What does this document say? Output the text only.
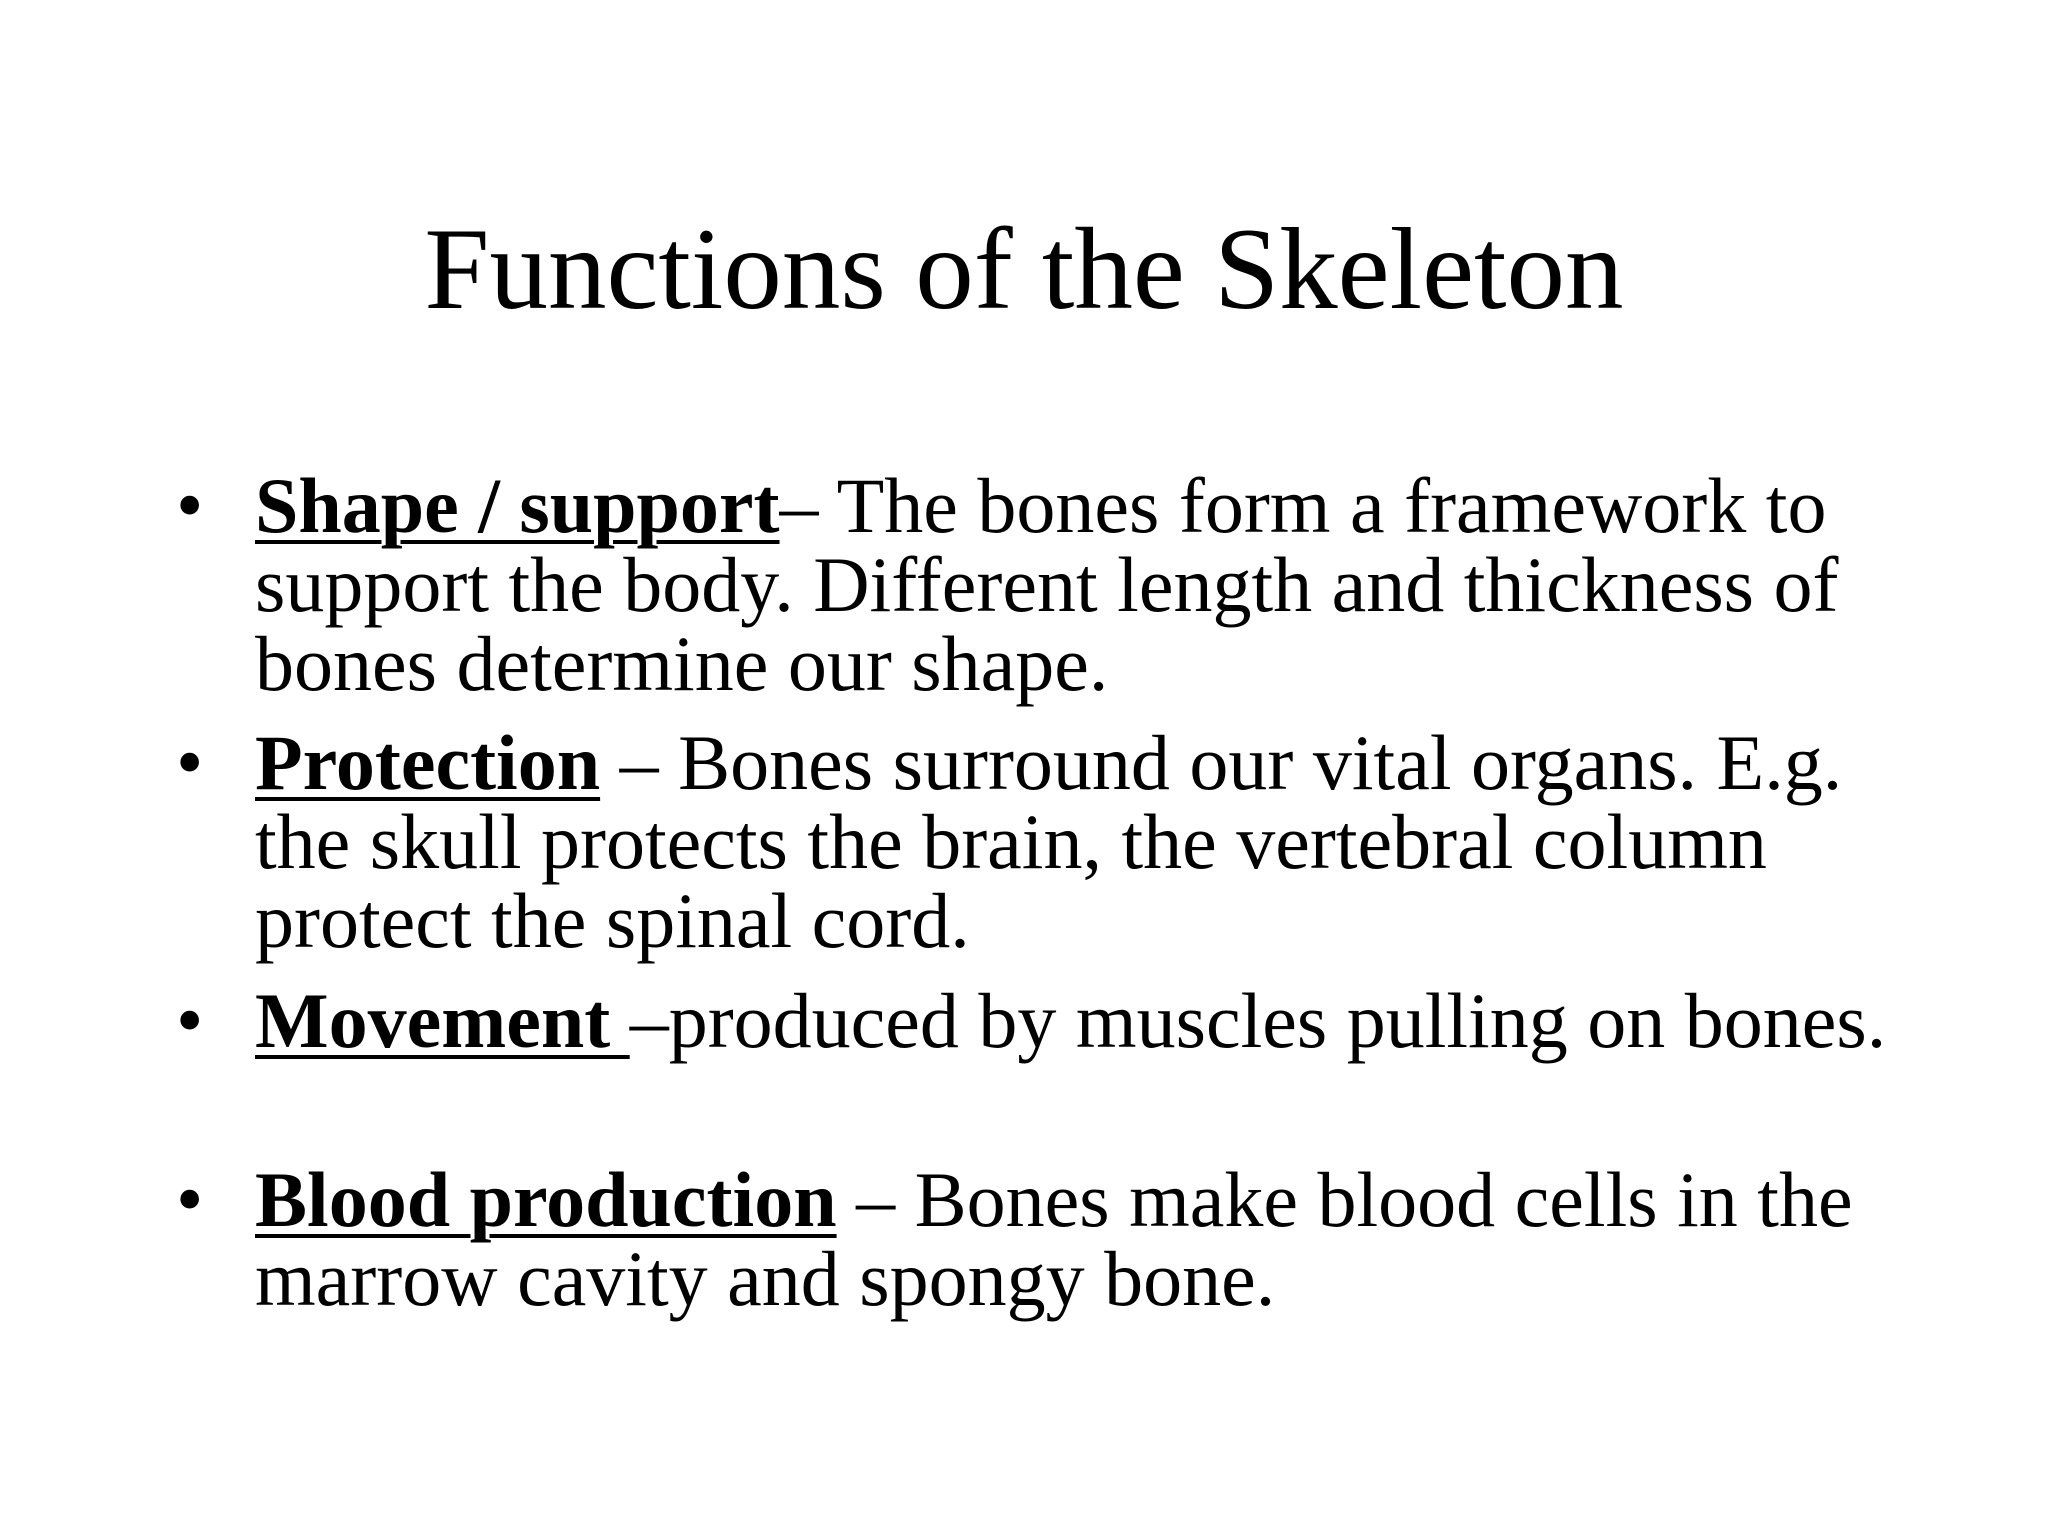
Functions of the Skeleton
• Shape / support– The bones form a framework to support the body. Different length and thickness of bones determine our shape.
• Protection – Bones surround our vital organs. E.g. the skull protects the brain, the vertebral column protect the spinal cord.
• Movement –produced by muscles pulling on bones.
• Blood production – Bones make blood cells in the marrow cavity and spongy bone.
